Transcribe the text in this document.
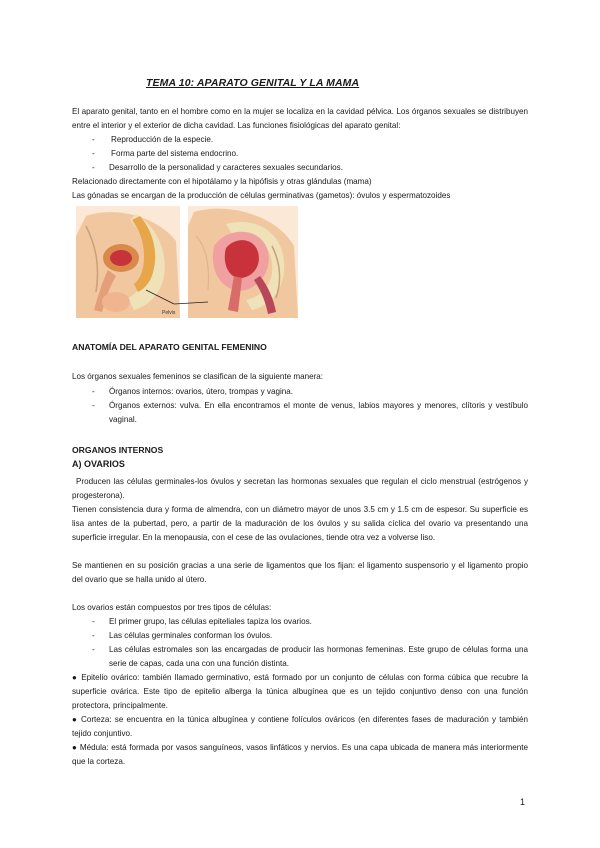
TEMA 10: APARATO GENITAL Y LA MAMA
El aparato genital, tanto en el hombre como en la mujer se localiza en la cavidad pélvica. Los órganos sexuales se distribuyen entre el interior y el exterior de dicha cavidad. Las funciones fisiológicas del aparato genital:
- Reproducción de la especie.
- Forma parte del sistema endocrino.
- Desarrollo de la personalidad y caracteres sexuales secundarios.
Relacionado directamente con el hipotálamo y la hipófisis y otras glándulas (mama)
Las gónadas se encargan de la producción de células germinativas (gametos): óvulos y espermatozoides
Pelvis
ANATOMÍA DEL APARATO GENITAL FEMENINO
Los órganos sexuales femeninos se clasifican de la siguiente manera:
- Órganos internos: ovarios, útero, trompas y vagina.
- Órganos externos: vulva. En ella encontramos el monte de venus, labios mayores y menores, clítoris y vestíbulo vaginal.
ORGANOS INTERNOS
A) OVARIOS
Producen las células germinales-los óvulos y secretan las hormonas sexuales que regulan el ciclo menstrual (estrógenos y progesterona).
Tienen consistencia dura y forma de almendra, con un diámetro mayor de unos 3.5 cm y 1.5 cm de espesor. Su superficie es lisa antes de la pubertad, pero, a partir de la maduración de los óvulos y su salida cíclica del ovario va presentando una superficie irregular. En la menopausia, con el cese de las ovulaciones, tiende otra vez a volverse liso.
Se mantienen en su posición gracias a una serie de ligamentos que los fijan: el ligamento suspensorio y el ligamento propio del ovario que se halla unido al útero.
Los ovarios están compuestos por tres tipos de células:
- El primer grupo, las células epiteliales tapiza los ovarios.
- Las células germinales conforman los óvulos.
- Las células estromales son las encargadas de producir las hormonas femeninas. Este grupo de células forma una serie de capas, cada una con una función distinta.
● Epitelio ovárico: también llamado germinativo, está formado por un conjunto de células con forma cúbica que recubre la superficie ovárica. Este tipo de epitelio alberga la túnica albugínea que es un tejido conjuntivo denso con una función protectora, principalmente.
● Corteza: se encuentra en la túnica albugínea y contiene folículos ováricos (en diferentes fases de maduración y también tejido conjuntivo.
● Médula: está formada por vasos sanguíneos, vasos linfáticos y nervios. Es una capa ubicada de manera más interiormente que la corteza.
1
